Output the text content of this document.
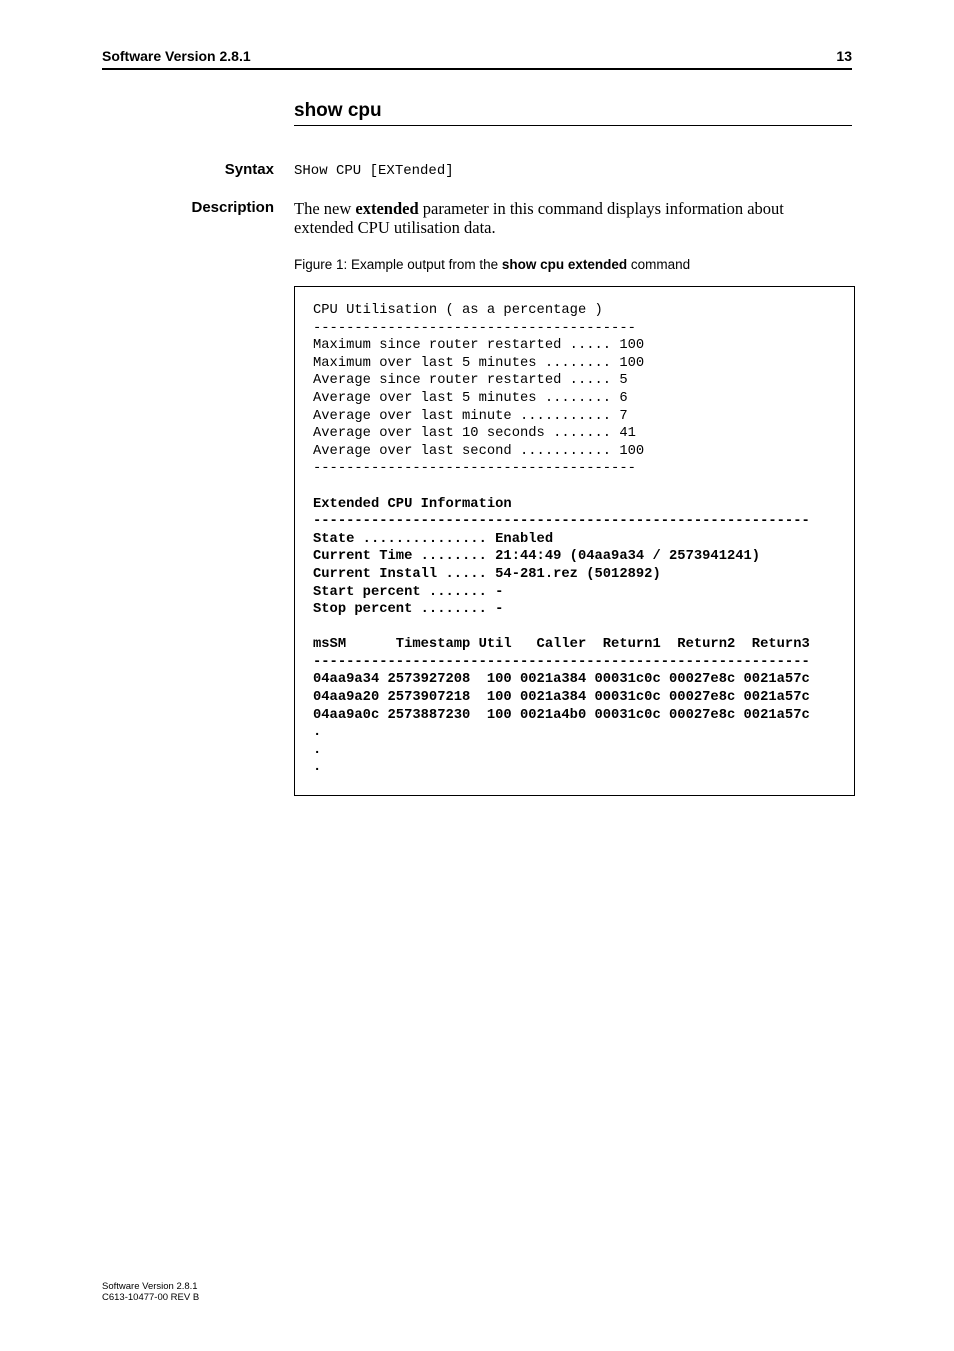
Software Version 2.8.1	13
show cpu
Syntax SHow CPU [EXTended]
Description The new extended parameter in this command displays information about extended CPU utilisation data.
Figure 1: Example output from the show cpu extended command
CPU Utilisation ( as a percentage )
---------------------------------------
Maximum since router restarted ..... 100
Maximum over last 5 minutes ........ 100
Average since router restarted ..... 5
Average over last 5 minutes ........ 6
Average over last minute ........... 7
Average over last 10 seconds ....... 41
Average over last second ........... 100
---------------------------------------
Extended CPU Information
------------------------------------------------------------
State ............... Enabled
Current Time ........ 21:44:49 (04aa9a34 / 2573941241)
Current Install ..... 54-281.rez (5012892)
Start percent ....... -
Stop percent ........ -
msSM      Timestamp Util   Caller  Return1  Return2  Return3
------------------------------------------------------------
04aa9a34 2573927208  100 0021a384 00031c0c 00027e8c 0021a57c
04aa9a20 2573907218  100 0021a384 00031c0c 00027e8c 0021a57c
04aa9a0c 2573887230  100 0021a4b0 00031c0c 00027e8c 0021a57c
.
.
.
Software Version 2.8.1
C613-10477-00 REV B
